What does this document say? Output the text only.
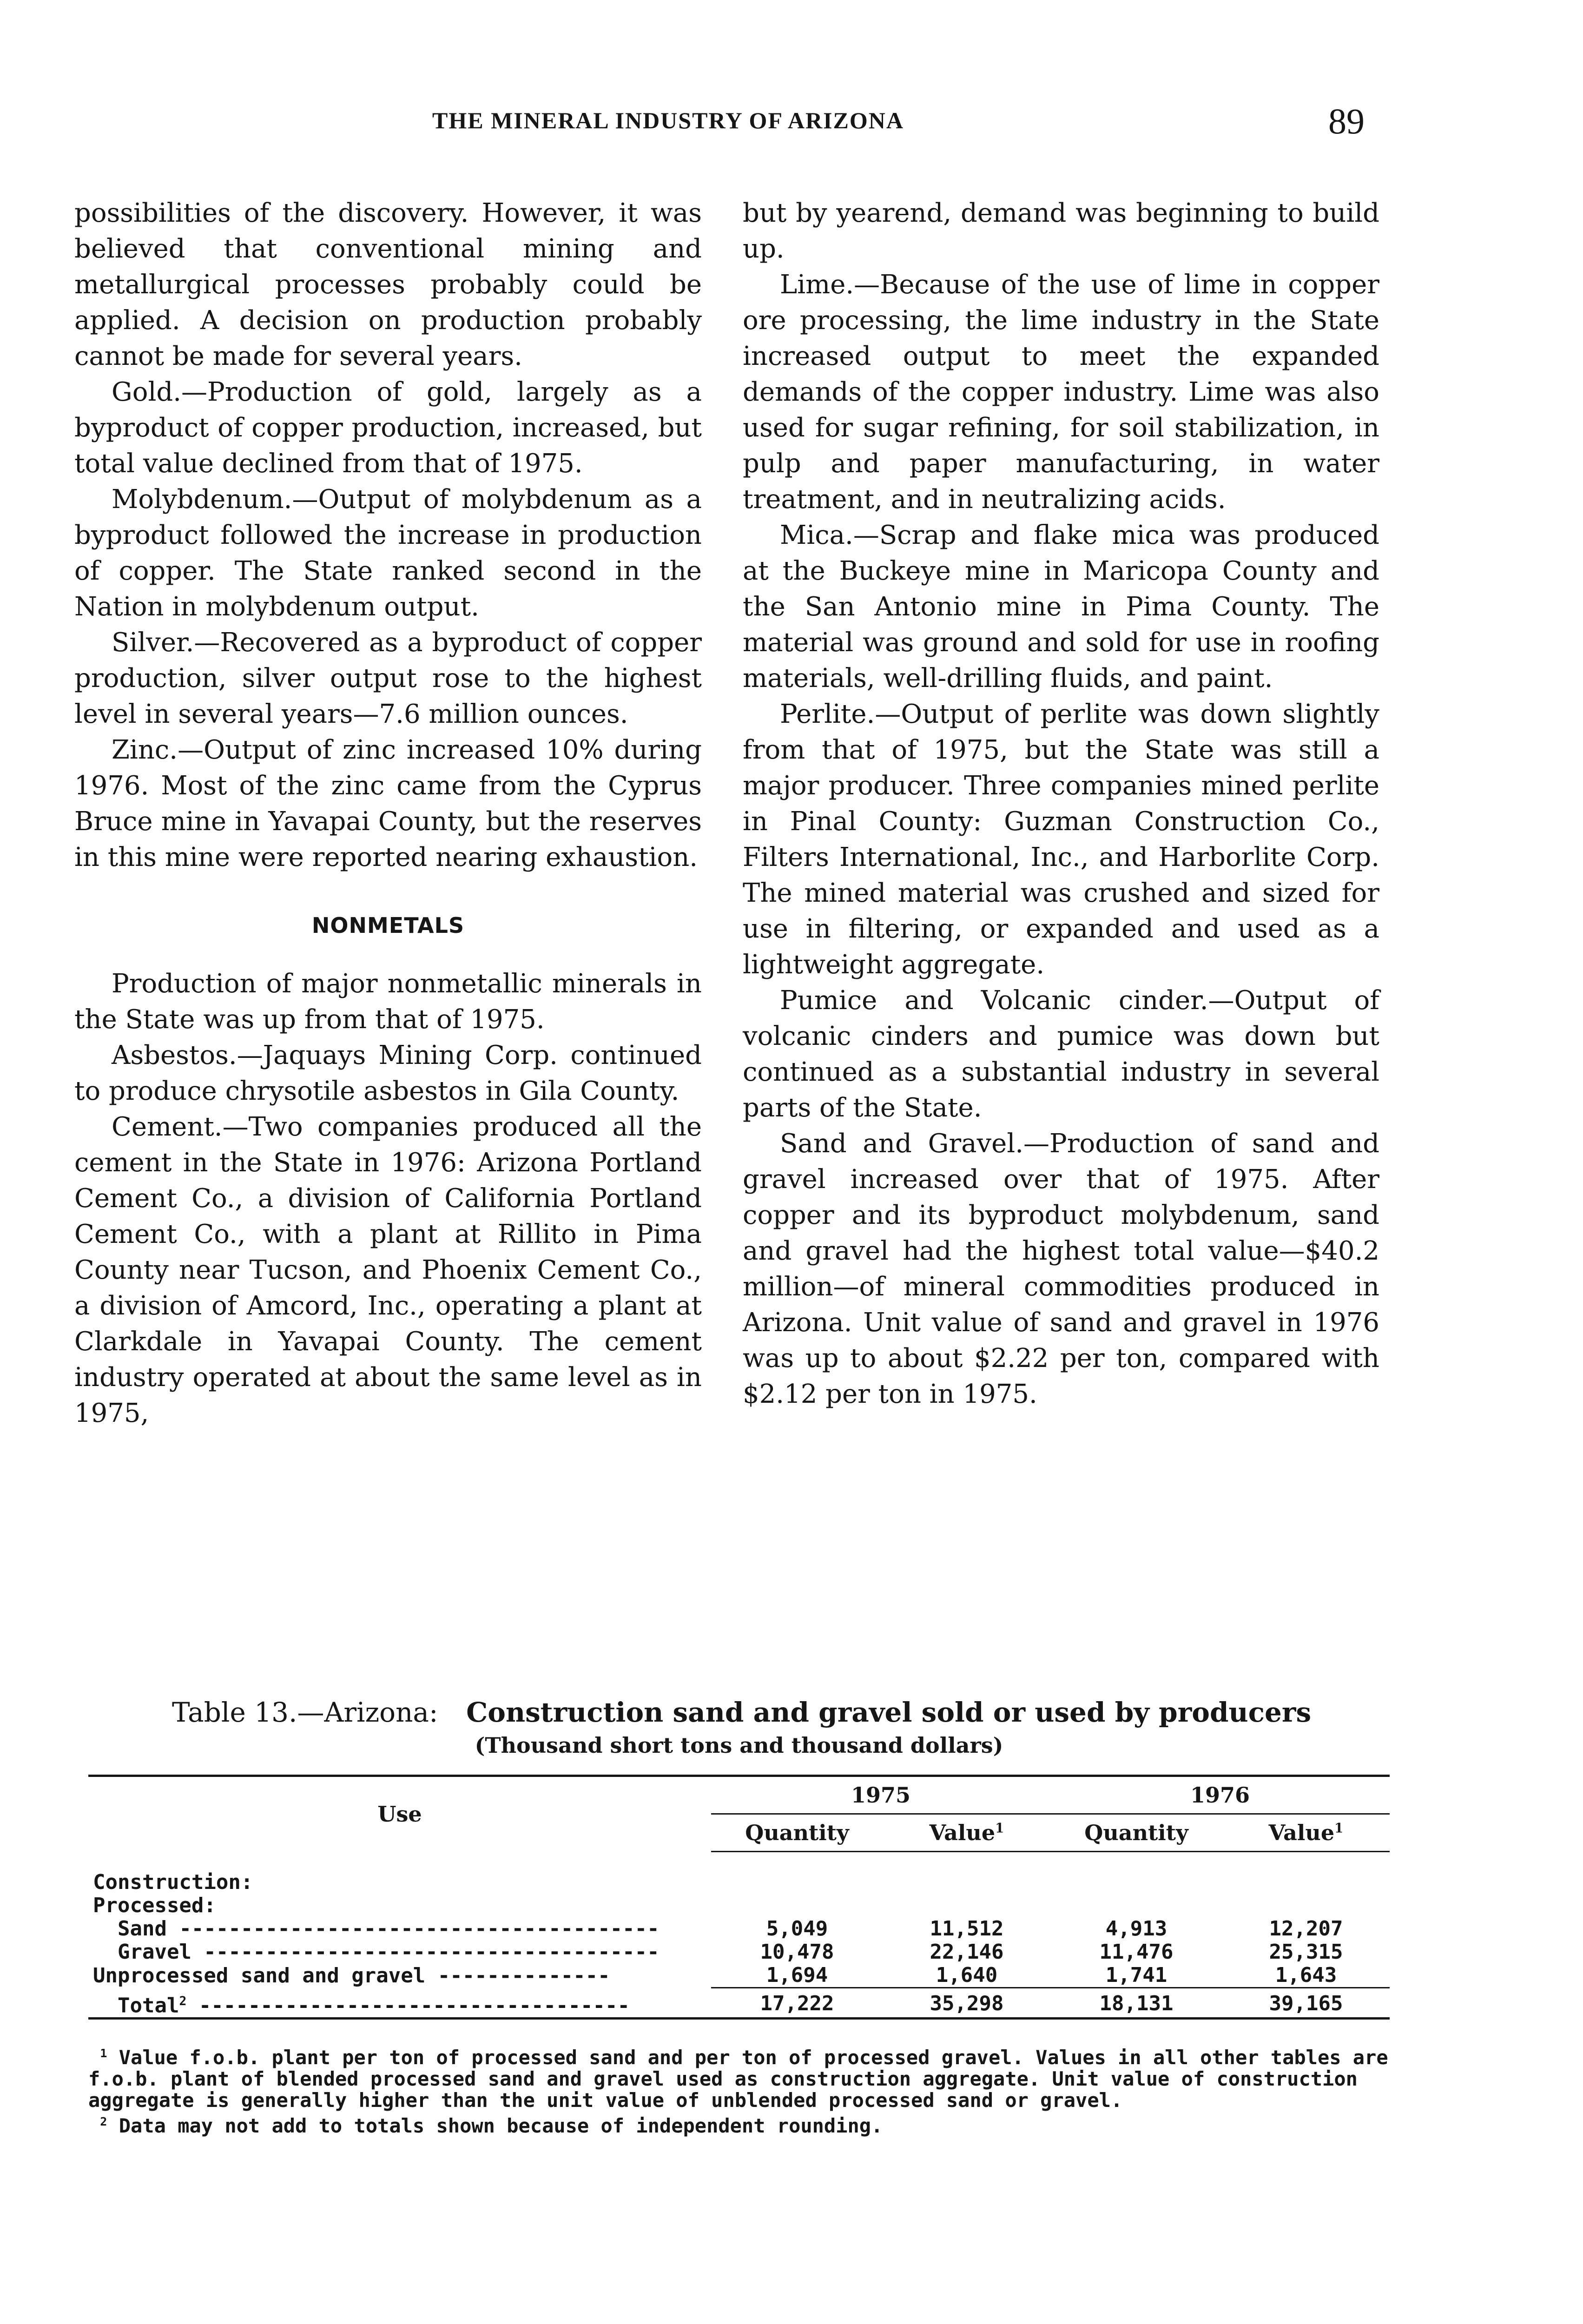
THE MINERAL INDUSTRY OF ARIZONA	89

possibilities of the discovery. However, it was believed that conventional mining and metallurgical processes probably could be applied. A decision on production probably cannot be made for several years.

Gold.—Production of gold, largely as a byproduct of copper production, increased, but total value declined from that of 1975.

Molybdenum.—Output of molybdenum as a byproduct followed the increase in production of copper. The State ranked second in the Nation in molybdenum output.

Silver.—Recovered as a byproduct of copper production, silver output rose to the highest level in several years—7.6 million ounces.

Zinc.—Output of zinc increased 10% during 1976. Most of the zinc came from the Cyprus Bruce mine in Yavapai County, but the reserves in this mine were reported nearing exhaustion.

NONMETALS

Production of major nonmetallic minerals in the State was up from that of 1975.

Asbestos.—Jaquays Mining Corp. continued to produce chrysotile asbestos in Gila County.

Cement.—Two companies produced all the cement in the State in 1976: Arizona Portland Cement Co., a division of California Portland Cement Co., with a plant at Rillito in Pima County near Tucson, and Phoenix Cement Co., a division of Amcord, Inc., operating a plant at Clarkdale in Yavapai County. The cement industry operated at about the same level as in 1975,

but by yearend, demand was beginning to build up.

Lime.—Because of the use of lime in copper ore processing, the lime industry in the State increased output to meet the expanded demands of the copper industry. Lime was also used for sugar refining, for soil stabilization, in pulp and paper manufacturing, in water treatment, and in neutralizing acids.

Mica.—Scrap and flake mica was produced at the Buckeye mine in Maricopa County and the San Antonio mine in Pima County. The material was ground and sold for use in roofing materials, well-drilling fluids, and paint.

Perlite.—Output of perlite was down slightly from that of 1975, but the State was still a major producer. Three companies mined perlite in Pinal County: Guzman Construction Co., Filters International, Inc., and Harborlite Corp. The mined material was crushed and sized for use in filtering, or expanded and used as a lightweight aggregate.

Pumice and Volcanic cinder.—Output of volcanic cinders and pumice was down but continued as a substantial industry in several parts of the State.

Sand and Gravel.—Production of sand and gravel increased over that of 1975. After copper and its byproduct molybdenum, sand and gravel had the highest total value—$40.2 million—of mineral commodities produced in Arizona. Unit value of sand and gravel in 1976 was up to about $2.22 per ton, compared with $2.12 per ton in 1975.

Table 13.—Arizona: Construction sand and gravel sold or used by producers
(Thousand short tons and thousand dollars)
Use	1975		1976	
	Quantity	Value$^1$	Quantity	Value$^1$

Construction:				
Processed:				
Sand ---------------------------------------	5,049	11,512	4,913	12,207
Gravel -------------------------------------	10,478	22,146	11,476	25,315
Unprocessed sand and gravel --------------	1,694	1,640	1,741	1,643
Total$^2$ -----------------------------------	17,222	35,298	18,131	39,165

$^1$ Value f.o.b. plant per ton of processed sand and per ton of processed gravel. Values in all other tables are f.o.b. plant of blended processed sand and gravel used as construction aggregate. Unit value of construction aggregate is generally higher than the unit value of unblended processed sand or gravel.

$^2$ Data may not add to totals shown because of independent rounding.
